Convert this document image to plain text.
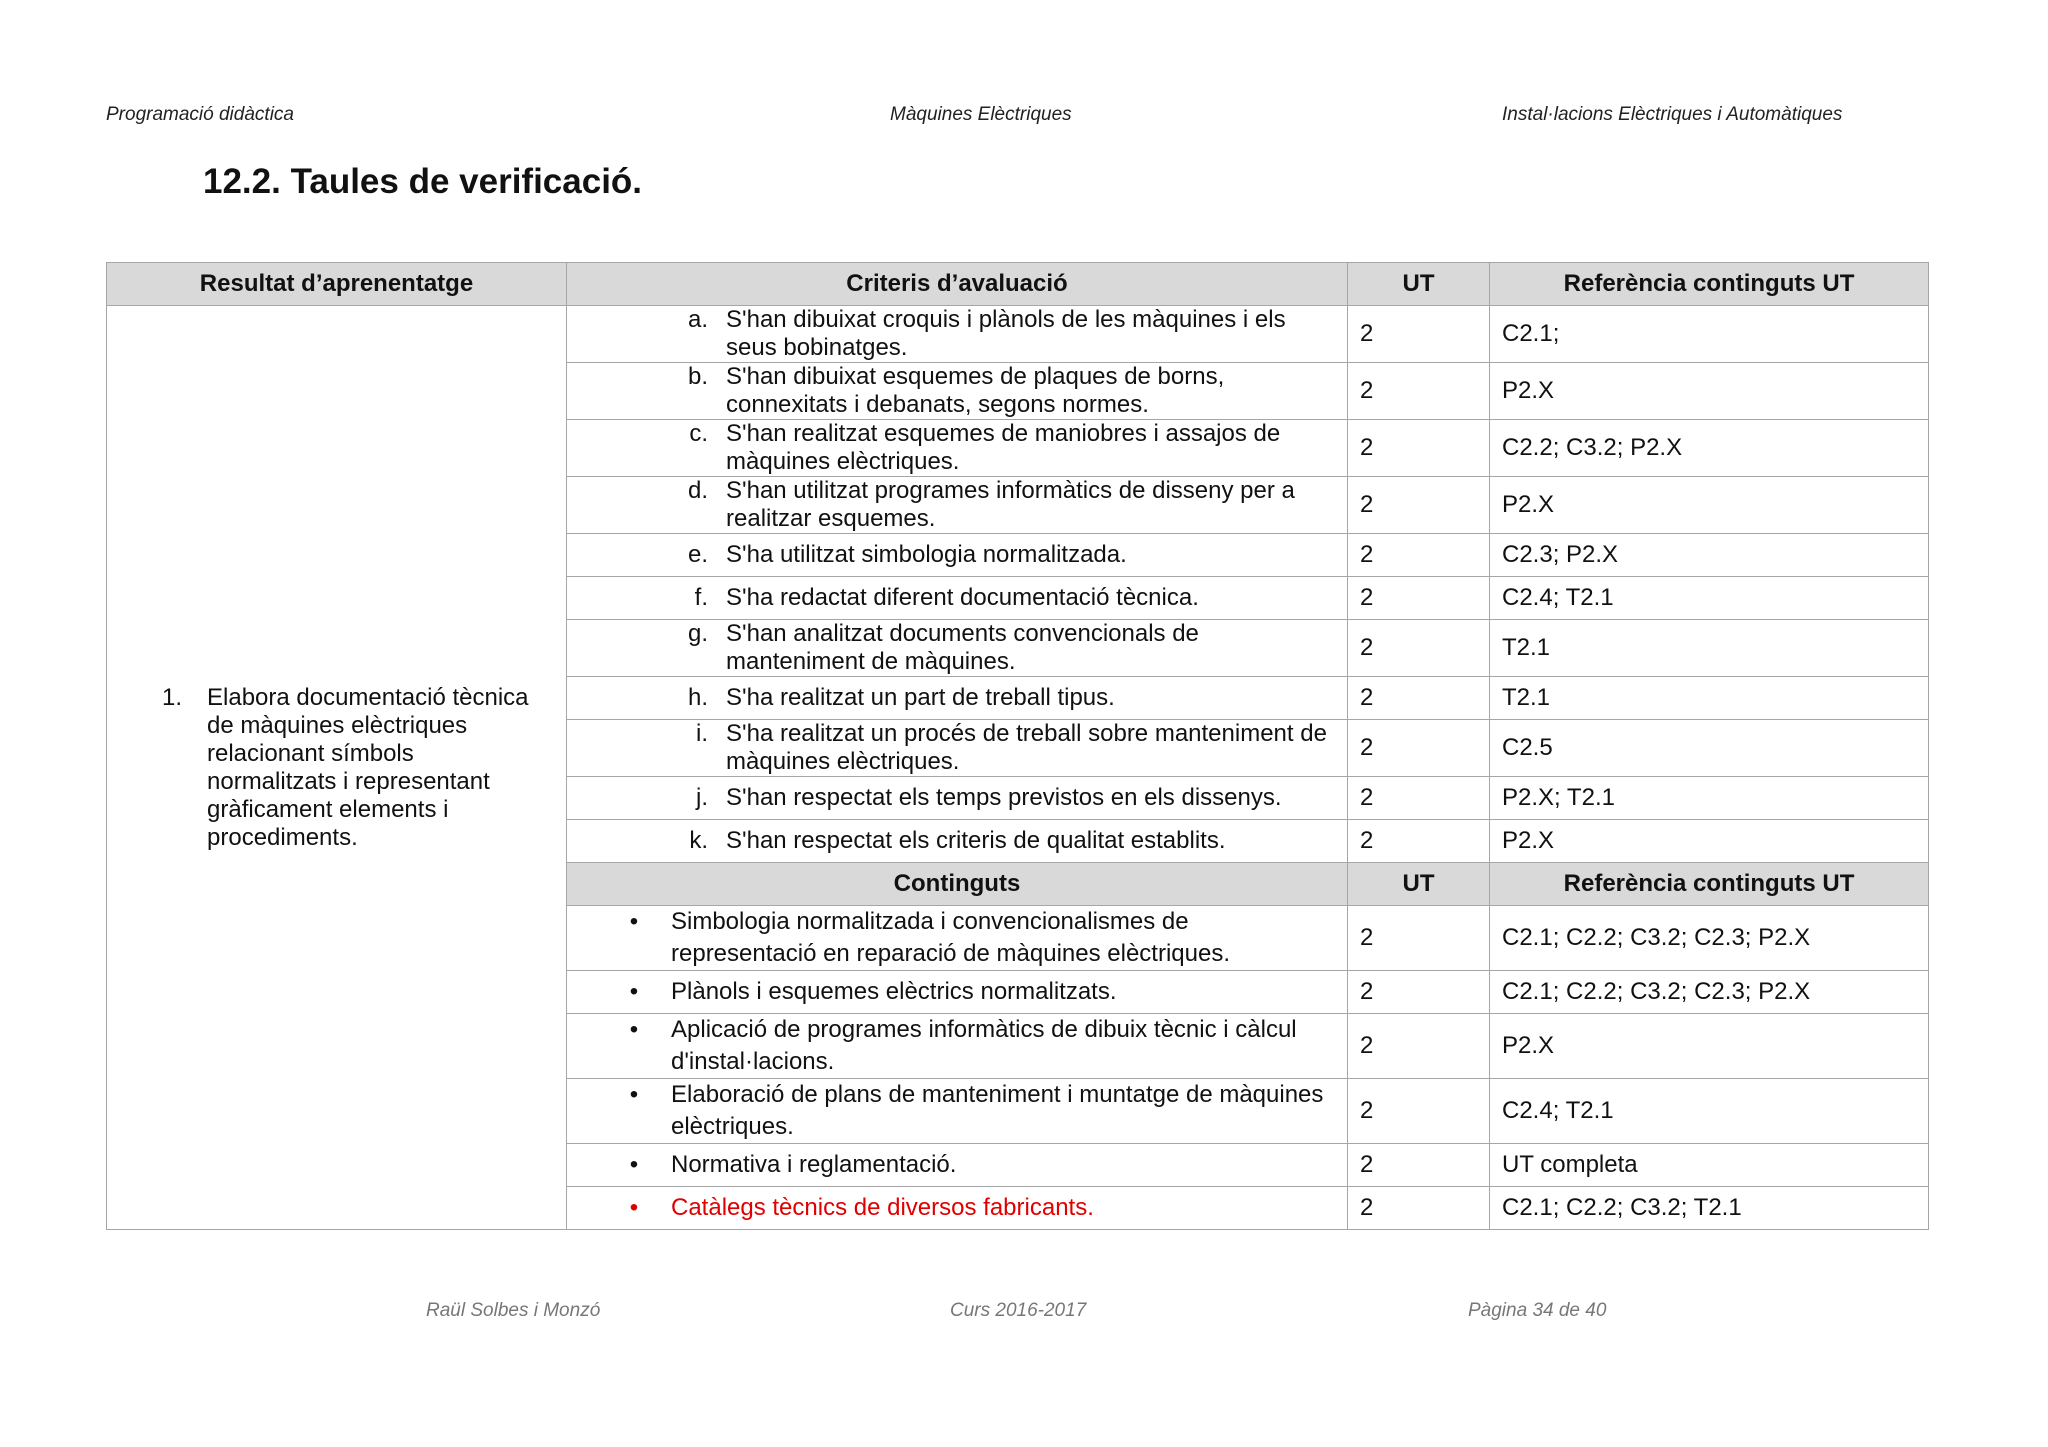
Programació didàctica	Màquines Elèctriques	Instal·lacions Elèctriques i Automàtiques
12.2. Taules de verificació.
Resultat d’aprenentatge	Criteris d’avaluació	UT	Referència continguts UT

1. Elabora documentació tècnica de màquines elèctriques relacionant símbols normalitzats i representant gràficament elements i procediments.	a. S'han dibuixat croquis i plànols de les màquines i els seus bobinatges.	2	C2.1;

	b. S'han dibuixat esquemes de plaques de borns, connexitats i debanats, segons normes.	2	P2.X

	c. S'han realitzat esquemes de maniobres i assajos de màquines elèctriques.	2	C2.2; C3.2; P2.X

	d. S'han utilitzat programes informàtics de disseny per a realitzar esquemes.	2	P2.X

	e. S'ha utilitzat simbologia normalitzada.	2	C2.3; P2.X

	f. S'ha redactat diferent documentació tècnica.	2	C2.4; T2.1

	g. S'han analitzat documents convencionals de manteniment de màquines.	2	T2.1

	h. S'ha realitzat un part de treball tipus.	2	T2.1

	i. S'ha realitzat un procés de treball sobre manteniment de màquines elèctriques.	2	C2.5

	j. S'han respectat els temps previstos en els dissenys.	2	P2.X; T2.1

	k. S'han respectat els criteris de qualitat establits.	2	P2.X
	Continguts	UT	Referència continguts UT

	• Simbologia normalitzada i convencionalismes de representació en reparació de màquines elèctriques.	2	C2.1; C2.2; C3.2; C2.3; P2.X

	• Plànols i esquemes elèctrics normalitzats.	2	C2.1; C2.2; C3.2; C2.3; P2.X

	• Aplicació de programes informàtics de dibuix tècnic i càlcul d'instal·lacions.	2	P2.X

	• Elaboració de plans de manteniment i muntatge de màquines elèctriques.	2	C2.4; T2.1

	• Normativa i reglamentació.	2	UT completa

	• Catàlegs tècnics de diversos fabricants.	2	C2.1; C2.2; C3.2; T2.1
Raül Solbes i Monzó	Curs 2016-2017	Pàgina 34 de 40
